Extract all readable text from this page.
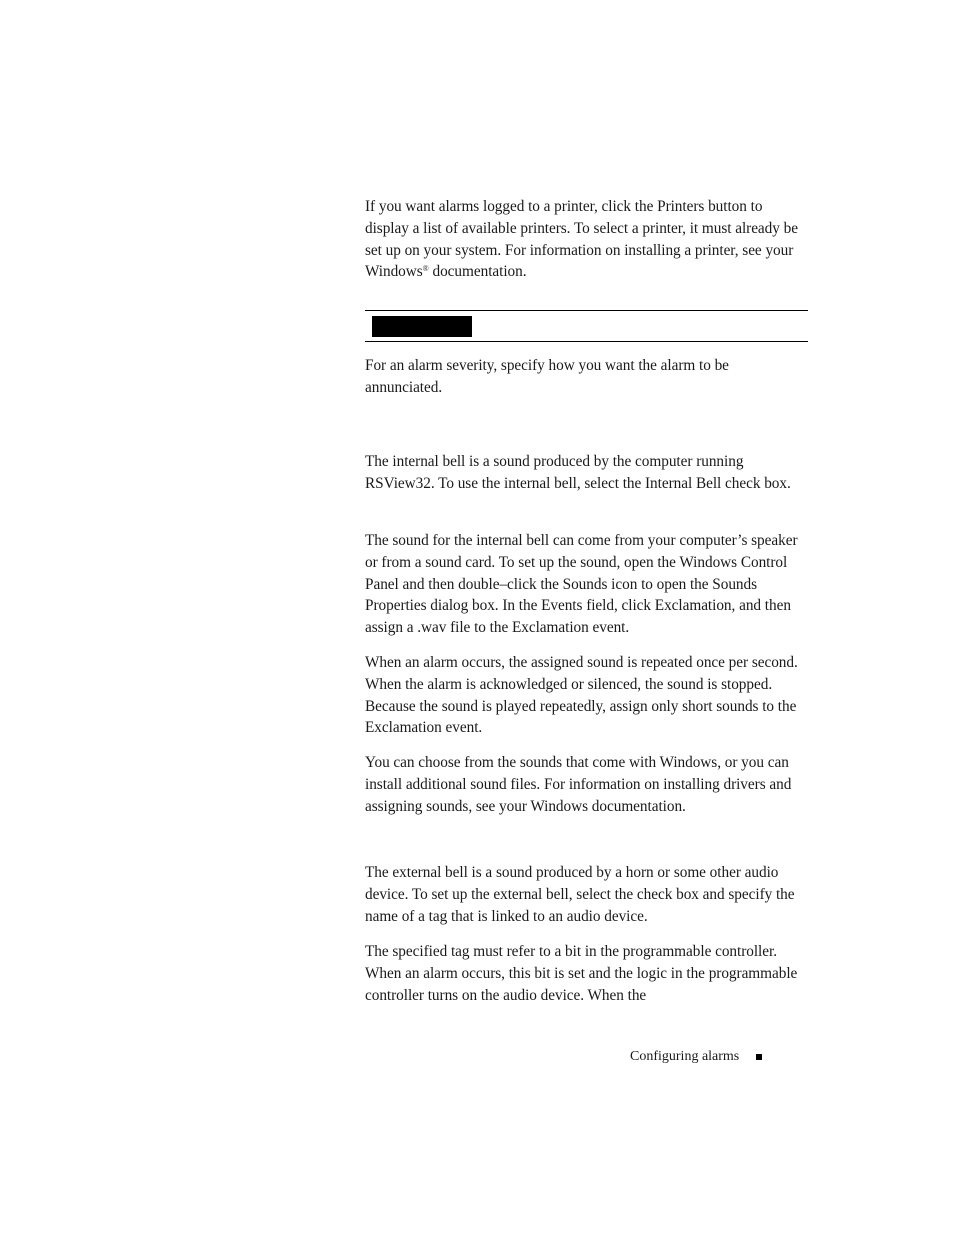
If you want alarms logged to a printer, click the Printers button to display a list of available printers. To select a printer, it must already be set up on your system. For information on installing a printer, see your Windows® documentation.

For an alarm severity, specify how you want the alarm to be annunciated.

The internal bell is a sound produced by the computer running RSView32. To use the internal bell, select the Internal Bell check box.

The sound for the internal bell can come from your computer’s speaker or from a sound card. To set up the sound, open the Windows Control Panel and then double–click the Sounds icon to open the Sounds Properties dialog box. In the Events field, click Exclamation, and then assign a .wav file to the Exclamation event.

When an alarm occurs, the assigned sound is repeated once per second. When the alarm is acknowledged or silenced, the sound is stopped. Because the sound is played repeatedly, assign only short sounds to the Exclamation event.

You can choose from the sounds that come with Windows, or you can install additional sound files. For information on installing drivers and assigning sounds, see your Windows documentation.

The external bell is a sound produced by a horn or some other audio device. To set up the external bell, select the check box and specify the name of a tag that is linked to an audio device.

The specified tag must refer to a bit in the programmable controller. When an alarm occurs, this bit is set and the logic in the programmable controller turns on the audio device. When the

Configuring alarms
